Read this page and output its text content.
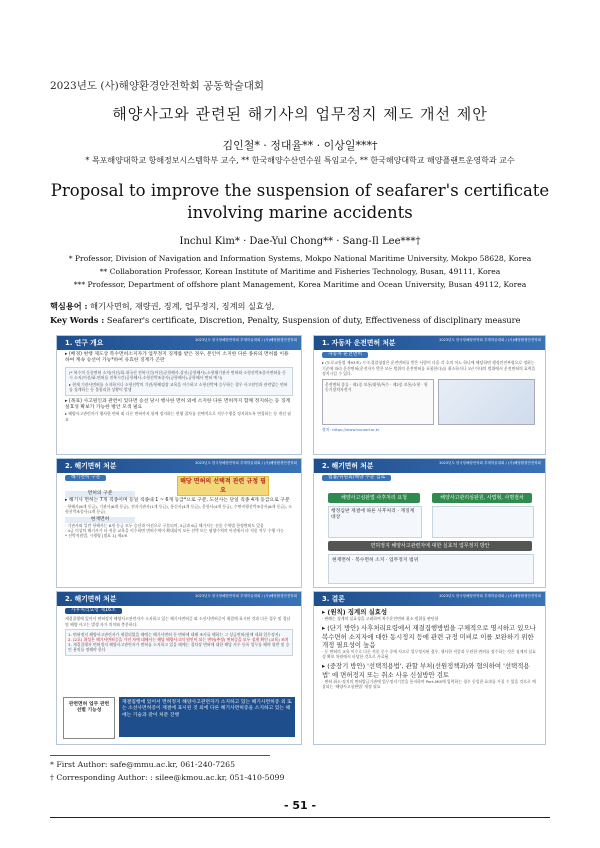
2023년도 (사)해양환경안전학회 공동학술대회
해양사고와 관련된 해기사의 업무정지 제도 개선 제안
김인철* · 정대율** · 이상일***†
* 목포해양대학교 항해정보시스템학부 교수, ** 한국해양수산연수원 특임교수, ** 한국해양대학교 해양플랜트운영학과 교수
Proposal to improve the suspension of seafarer's certificate involving marine accidents
Inchul Kim* · Dae-Yul Chong** · Sang-Il Lee***†
* Professor, Division of Navigation and Information Systems, Mokpo National Maritime University, Mokpo 58628, Korea
** Collaboration Professor, Korean Institute of Maritime and Fisheries Technology, Busan, 49111, Korea
*** Professor, Department of offshore plant Management, Korea Maritime and Ocean University, Busan 49112, Korea
핵심용어 : 해기사면허, 재량권, 징계, 업무정지, 징계의 실효성,
Key Words : Seafarer's certificate, Discretion, Penalty, Suspension of duty, Effectiveness of disciplinary measure
1. 연구 개요	2023년도 한국항해항만학회 추계학술대회 / (사)해양환경안전학회
▸ (배경) 현행 제도상 복수면허소지자가 업무정지 징계를 받은 경우, 본인이 소지한 다른 종류의 면허를 이용하여 계속 승선이 가능*하여 유효한 징계가 곤란
(* 복수의 동종면허 소지(어선/화-내국선 전복시간(어선)공항해사-상선(공항해사)-소형해기관사 면허와 소형선박조종사면허를 동시 소지(어선/화-면허를 전복시간(공항해사-소형선박조종사(공항해사)-공항해사 면허 예시)
▸ 현재 기관사면허를 소지하거나 소형선박의 기관/항해겸장 교육을 이수하고 소형선박에 승무하는 경우 사고원인과 관련없는 면허를 징계하는 등 불합리한 상황이 발생
▸ (목표) 사고원인과 관련이 있다면 승선 당시 행사한 면허 외에 소지한 다른 면허까지 함께 정지하는 등 징계 실효성 확보가 가능한 방안 모색 필요
▸ 해양사고관련자가 행사한 면허 외 다른 면허까지 함께 정지하는 현행 절차를 선택적으로 직무수행을 정지하도록 변경하는 등 개선 필요
1. 자동차 운전면허 처분	2023년도 한국항해항만학회 추계학술대회 / (사)해양환경안전학회
자동차 운전면허
▸ (도로교통법 제93조) 시·도경찰청장은 운전면허를 받은 사람이 다음 각 호의 어느 하나에 해당하면 행정안전부령으로 정하는 기준에 따라 운전면허(운전자가 받은 모든 범위의 운전면허를 포함한다)를 취소하거나 1년 이내의 범위에서 운전면허의 효력을 정지시킬 수 있다.
운전면허 종류 · 제1종 보통/대형/특수 · 제2종 보통/소형 · 원동기장치자전거
출처: https://www.koroad.or.kr
2. 해기면허 처분	2023년도 한국항해항만학회 추계학술대회 / (사)해양환경안전학회
해당 면허의 선택적 관련 규정 필요
해기면허 구분
면허의 구분
▸ 해기사 면허는 7개 직종이며 등일 직종내 1 ~ 6개 등급*으로 구분, 도선사는 단일 직종 4개 등급으로 구분
· 항해사(6개 등급), 기관사(6개 등급), 전자기관사(1개 등급), 통신사(4개 등급), 운항사(4개 등급), 수면비행선박조종사(6개 등급), 소형선박조종사(1개 등급)
현재면허
· 기관사와 일반 항해사는 6개 등급 모두 승선과 어선으로 구분되며, 5급과 6급 해기사는 선종 수역별 한정면허도 있음
· 4급 이상의 해기사가 타 직종 교육을 이수하면 면허수역이 확대되어 모든 선박 또는 평양수역의 어선에서 타 직종 직무 수행 가능
* 선박직원법, 시행령 [별표 1] 제4조
2. 해기면허 처분	2023년도 한국항해항만학회 추계학술대회 / (사)해양환경안전학회
법률/위원회/해양 수준 검토
해양사고심판법 사후처리 요청	해양사고관리심판원, 사법형, 사명절차
행정심판 재결에 따른 사후처리 · 재징계 대상
면허정지 해양사고관련자에 대한 실효적 업무정지 방안
현재면허 · 복수면허 소지 · 업무정지 범위
2. 해기면허 처분	2023년도 한국항해항만학회 추계학술대회 / (사)해양환경안전학회
사후처리요령 제16조
재결집행에 있어서 면허정지 해양사고관련자가 소지하고 있는 해기사면허증 외 소선사면허증이 재결에 표시된 것과 다른 경우 및 경남 및 해양 사고는 발생 자가 의미와 충분하다.
1. 면허정지 해양사고관련자가 재결되었을 때에는 해기사면허 등 면허에 대해 조사를 해하는 그 상급면허(함께 내화 업무정지)
2. (2호) 위성은 해기사면허증을 가진 자에 대해서는 해당 해양사고의 원인이 되는 면허(추정) 면허증을 모두 징계 확인 (교육) 조치
3. 재결집행자 면허정지 해양사고관련자가 면허를 소지하고 있을 때에는 절차상 면허에 대한 해당 사무 등록 업무를 해야 위반 및 승인 용의를 정해야 한다
관련면허 업무 관련 선별 기능성
재결집행에 있어서 면허정지 해양사고관련자가 소지하고 있는 해기사면허증 외 또는 소선사면허증이 재결에 표시된 것 외에 다른 해기사면허증을 소지하고 있는 때에는 기술과 같이 처분 진행
3. 결론	2023년도 한국항해항만학회 추계학술대회 / (사)해양환경안전학회
▸ (원칙) 징계의 실효성
· 판례는 징계의 실효성을 고려하여 복수운전면허 취소 범위를 판단함
▸ (단기 방안) 사후처리요령에서 재결집행방법을 구체적으로 명시하고 있으나 복수면허 소지자에 대한 동시정지 등에 관련 규정 미비로 이를 보완하기 위한 개정 필요성이 높음
· 동 면허의 교육 이수로 다른 직종 중수 중에 사고로 업무정지된 경우, 행사한 직종과 무관한 면허를 정수하는 것은 징계의 실효성 확보 차원에서 타당한 것으로 사료됨
▸ (중장기 방안) '선택적용법', 관할 부처(선원정책과)와 협의하여 '선택적용법' 에 면허정지 또는 취소 사유 신설방안 검토
· 면허 취소·정지의 면허발급기관에 업무정지기간을 통지하여 Port-MIS에 입력하는 경우 동일한 효과를 가질 수 있을 것으로 예상되는 '해양사고심판법' 개정 필요
* First Author: safe@mmu.ac.kr, 061-240-7265
† Corresponding Author: : silee@kmou.ac.kr, 051-410-5099
- 51 -
